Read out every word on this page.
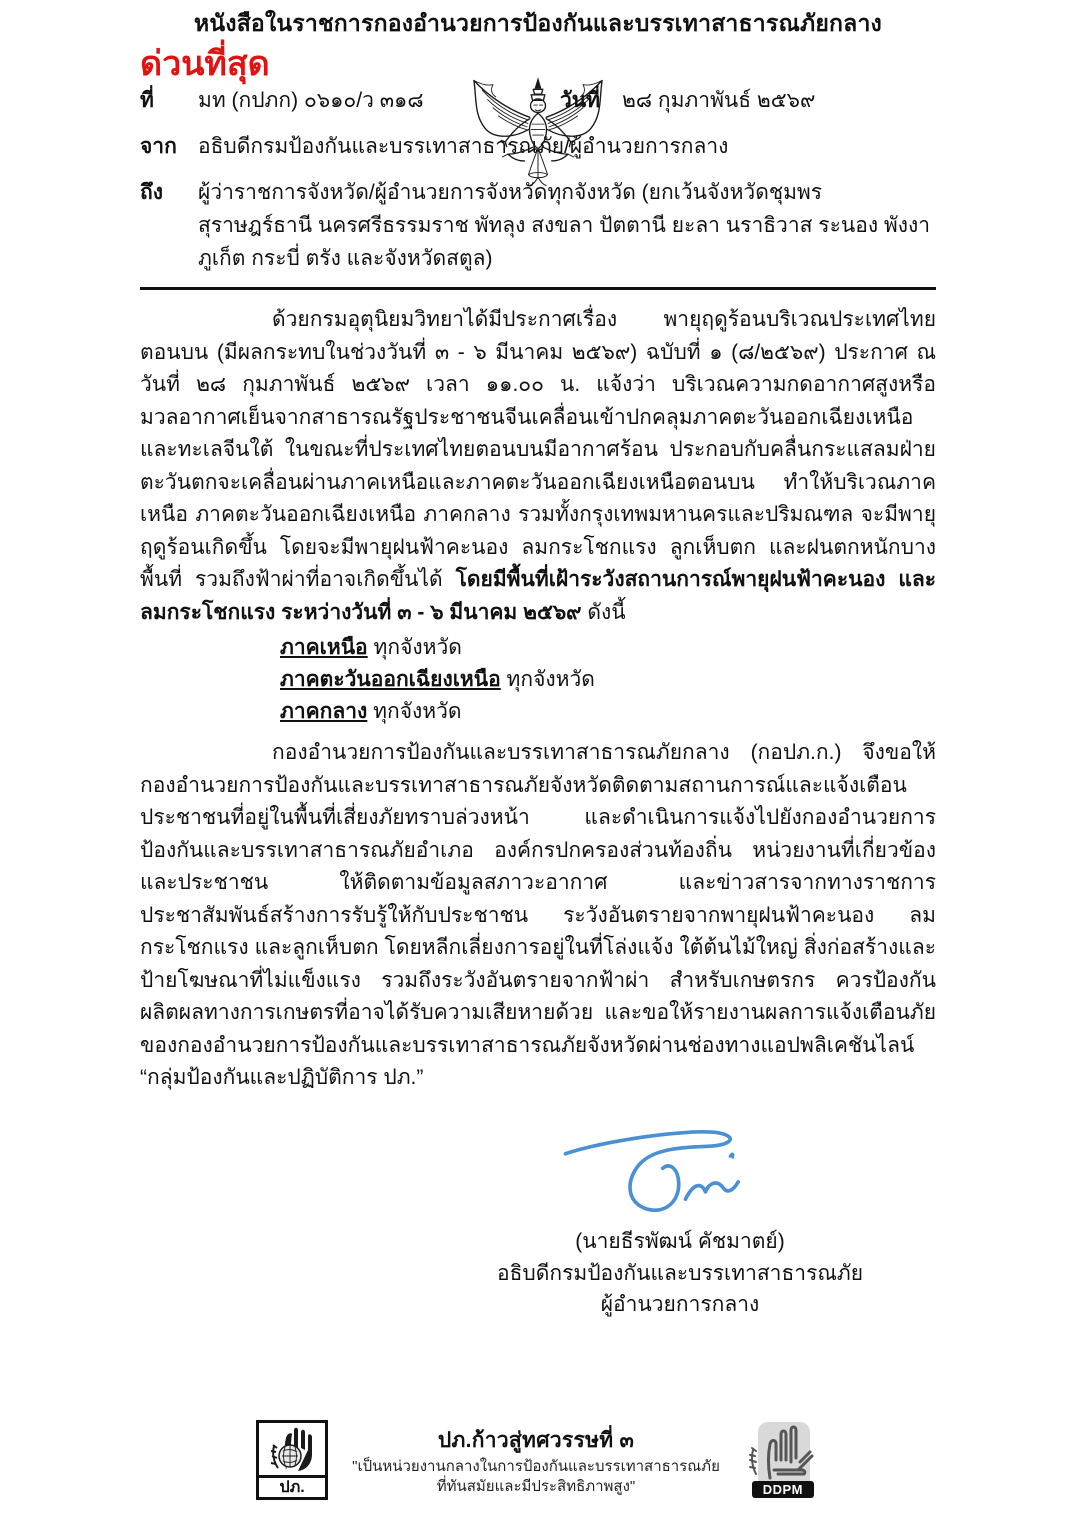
หนังสือในราชการกองอำนวยการป้องกันและบรรเทาสาธารณภัยกลาง
ด่วนที่สุด
ที่	มท (กปภก) ๐๖๑๐/ว ๓๑๘	วันที่ ๒๘ กุมภาพันธ์ ๒๕๖๙
จาก	อธิบดีกรมป้องกันและบรรเทาสาธารณภัย/ผู้อำนวยการกลาง
ถึง	ผู้ว่าราชการจังหวัด/ผู้อำนวยการจังหวัดทุกจังหวัด (ยกเว้นจังหวัดชุมพร สุราษฎร์ธานี นครศรีธรรมราช พัทลุง สงขลา ปัตตานี ยะลา นราธิวาส ระนอง พังงา ภูเก็ต กระบี่ ตรัง และจังหวัดสตูล)
ด้วยกรมอุตุนิยมวิทยาได้มีประกาศเรื่อง พายุฤดูร้อนบริเวณประเทศไทยตอนบน (มีผลกระทบในช่วงวันที่ ๓ - ๖ มีนาคม ๒๕๖๙) ฉบับที่ ๑ (๘/๒๕๖๙) ประกาศ ณ วันที่ ๒๘ กุมภาพันธ์ ๒๕๖๙ เวลา ๑๑.๐๐ น. แจ้งว่า บริเวณความกดอากาศสูงหรือมวลอากาศเย็นจากสาธารณรัฐประชาชนจีนเคลื่อนเข้าปกคลุมภาคตะวันออกเฉียงเหนือและทะเลจีนใต้ ในขณะที่ประเทศไทยตอนบนมีอากาศร้อน ประกอบกับคลื่นกระแสลมฝ่ายตะวันตกจะเคลื่อนผ่านภาคเหนือและภาคตะวันออกเฉียงเหนือตอนบน ทำให้บริเวณภาคเหนือ ภาคตะวันออกเฉียงเหนือ ภาคกลาง รวมทั้งกรุงเทพมหานครและปริมณฑล จะมีพายุฤดูร้อนเกิดขึ้น โดยจะมีพายุฝนฟ้าคะนอง ลมกระโชกแรง ลูกเห็บตก และฝนตกหนักบางพื้นที่ รวมถึงฟ้าผ่าที่อาจเกิดขึ้นได้ โดยมีพื้นที่เฝ้าระวังสถานการณ์พายุฝนฟ้าคะนอง และลมกระโชกแรง ระหว่างวันที่ ๓ - ๖ มีนาคม ๒๕๖๙ ดังนี้
ภาคเหนือ ทุกจังหวัด
ภาคตะวันออกเฉียงเหนือ ทุกจังหวัด
ภาคกลาง ทุกจังหวัด
กองอำนวยการป้องกันและบรรเทาสาธารณภัยกลาง (กอปภ.ก.) จึงขอให้กองอำนวยการป้องกันและบรรเทาสาธารณภัยจังหวัดติดตามสถานการณ์และแจ้งเตือนประชาชนที่อยู่ในพื้นที่เสี่ยงภัยทราบล่วงหน้า และดำเนินการแจ้งไปยังกองอำนวยการป้องกันและบรรเทาสาธารณภัยอำเภอ องค์กรปกครองส่วนท้องถิ่น หน่วยงานที่เกี่ยวข้องและประชาชน ให้ติดตามข้อมูลสภาวะอากาศ และข่าวสารจากทางราชการ ประชาสัมพันธ์สร้างการรับรู้ให้กับประชาชน ระวังอันตรายจากพายุฝนฟ้าคะนอง ลมกระโชกแรง และลูกเห็บตก โดยหลีกเลี่ยงการอยู่ในที่โล่งแจ้ง ใต้ต้นไม้ใหญ่ สิ่งก่อสร้างและป้ายโฆษณาที่ไม่แข็งแรง รวมถึงระวังอันตรายจากฟ้าผ่า สำหรับเกษตรกร ควรป้องกันผลิตผลทางการเกษตรที่อาจได้รับความเสียหายด้วย และขอให้รายงานผลการแจ้งเตือนภัยของกองอำนวยการป้องกันและบรรเทาสาธารณภัยจังหวัดผ่านช่องทางแอปพลิเคชันไลน์ “กลุ่มป้องกันและปฏิบัติการ ปภ.”
(นายธีรพัฒน์ คัชมาตย์)
อธิบดีกรมป้องกันและบรรเทาสาธารณภัย
ผู้อำนวยการกลาง
ปภ.
ปภ.ก้าวสู่ทศวรรษที่ ๓
"เป็นหน่วยงานกลางในการป้องกันและบรรเทาสาธารณภัย
ที่ทันสมัยและมีประสิทธิภาพสูง"	DDPM
